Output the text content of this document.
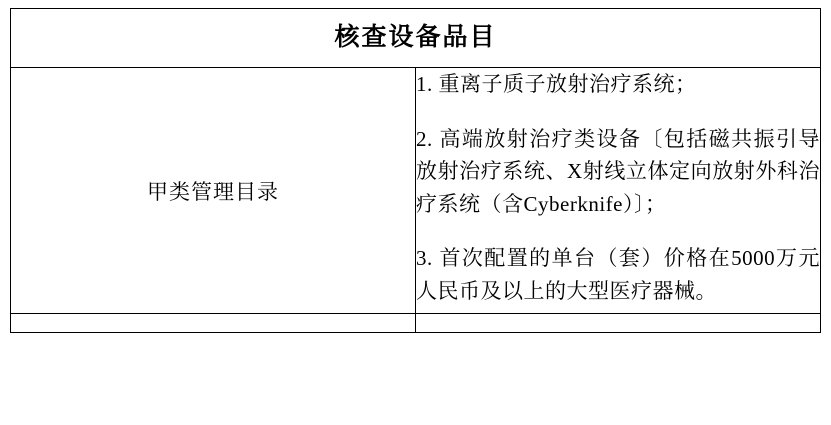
核查设备品目	
甲类管理目录	1. 重离子质子放射治疗系统；

2. 高端放射治疗类设备〔包括磁共振引导放射治疗系统、X射线立体定向放射外科治疗系统（含Cyberknife）〕；

3. 首次配置的单台（套）价格在5000万元人民币及以上的大型医疗器械。
